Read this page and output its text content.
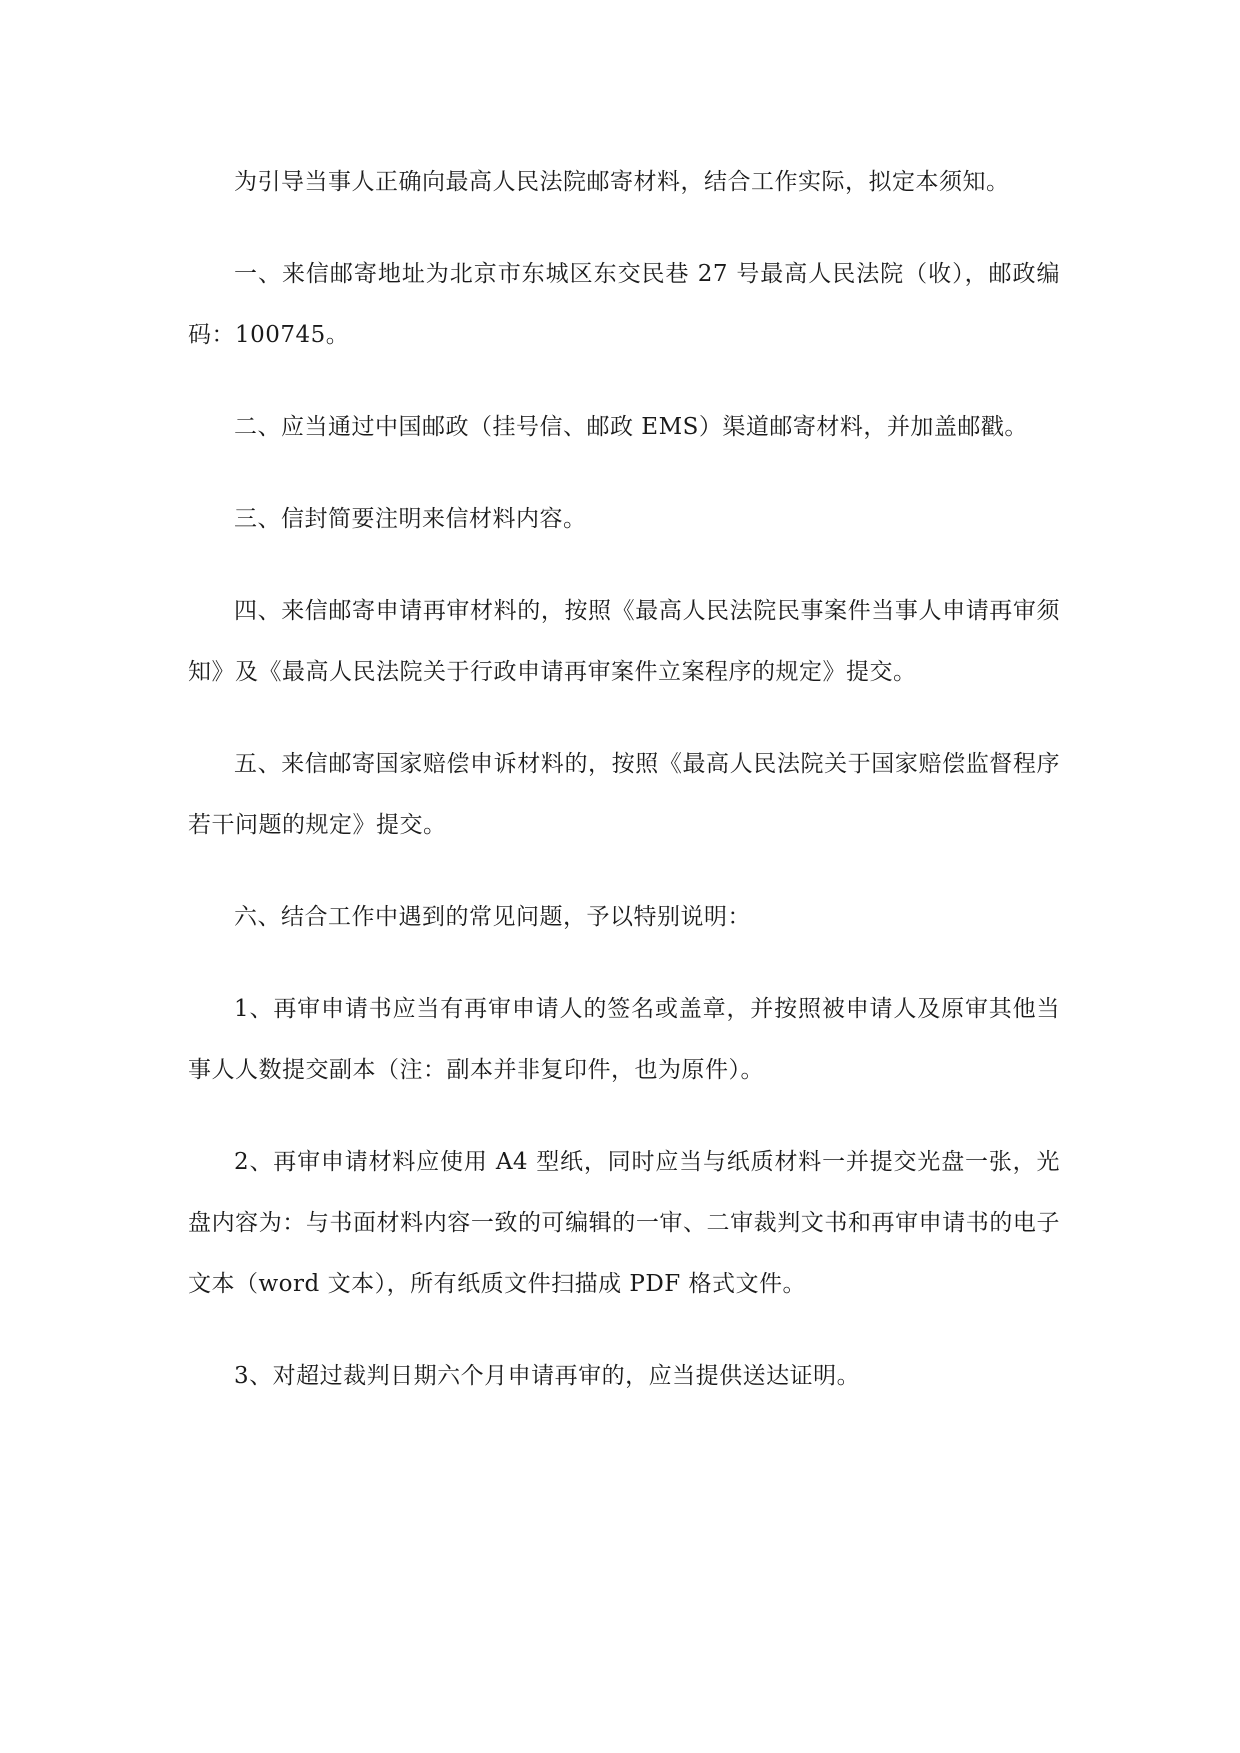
为引导当事人正确向最高人民法院邮寄材料，结合工作实际，拟定本须知。

一、来信邮寄地址为北京市东城区东交民巷 27 号最高人民法院（收），邮政编码：100745。

二、应当通过中国邮政（挂号信、邮政 EMS）渠道邮寄材料，并加盖邮戳。

三、信封简要注明来信材料内容。

四、来信邮寄申请再审材料的，按照《最高人民法院民事案件当事人申请再审须知》及《最高人民法院关于行政申请再审案件立案程序的规定》提交。

五、来信邮寄国家赔偿申诉材料的，按照《最高人民法院关于国家赔偿监督程序若干问题的规定》提交。

六、结合工作中遇到的常见问题，予以特别说明：

1、再审申请书应当有再审申请人的签名或盖章，并按照被申请人及原审其他当事人人数提交副本（注：副本并非复印件，也为原件）。

2、再审申请材料应使用 A4 型纸，同时应当与纸质材料一并提交光盘一张，光盘内容为：与书面材料内容一致的可编辑的一审、二审裁判文书和再审申请书的电子文本（word 文本），所有纸质文件扫描成 PDF 格式文件。

3、对超过裁判日期六个月申请再审的，应当提供送达证明。
